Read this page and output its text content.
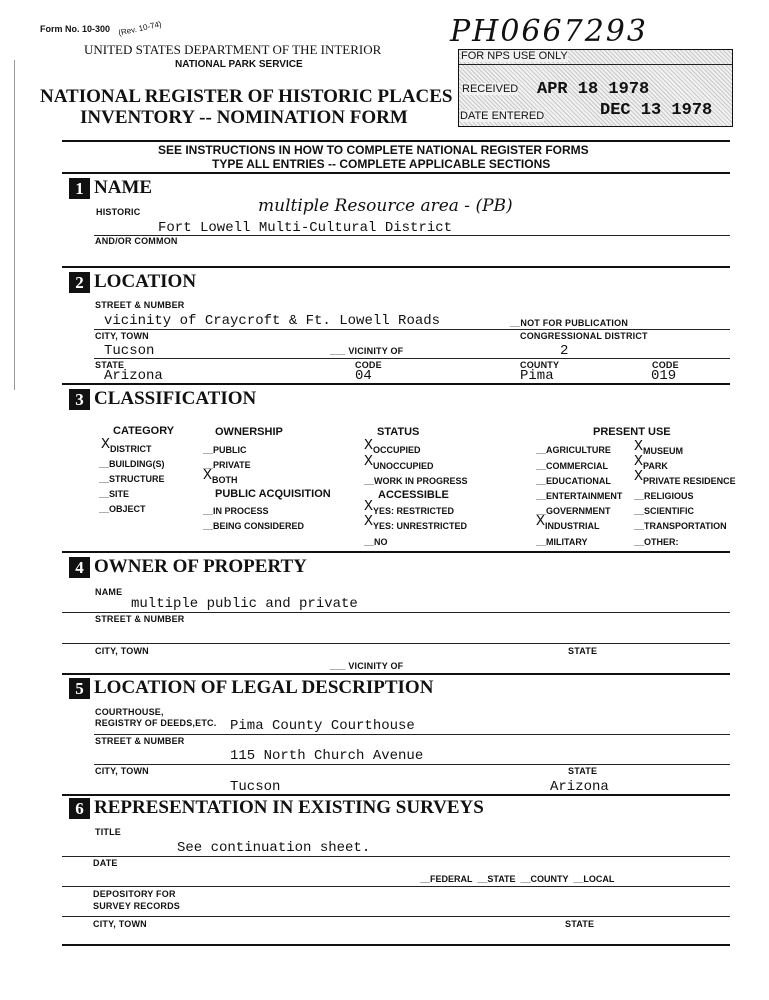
Form No. 10-300 (Rev. 10-74)
UNITED STATES DEPARTMENT OF THE INTERIOR
NATIONAL PARK SERVICE
NATIONAL REGISTER OF HISTORIC PLACES
INVENTORY -- NOMINATION FORM
PH0667293
FOR NPS USE ONLY
RECEIVED APR 18 1978
DATE ENTERED	DEC 13 1978
SEE INSTRUCTIONS IN HOW TO COMPLETE NATIONAL REGISTER FORMS
TYPE ALL ENTRIES -- COMPLETE APPLICABLE SECTIONS
1 NAME
HISTORIC	multiple Resource area - (PB)
Fort Lowell Multi-Cultural District
AND/OR COMMON
2 LOCATION
STREET & NUMBER
vicinity of Craycroft & Ft. Lowell Roads	__NOT FOR PUBLICATION
CITY, TOWN	CONGRESSIONAL DISTRICT
Tucson	___ VICINITY OF	2
STATE	CODE	COUNTY	CODE
Arizona	04	Pima	019
3 CLASSIFICATION
CATEGORY	OWNERSHIP	STATUS	PRESENT USE
X DISTRICT
__BUILDING(S)
__STRUCTURE
__SITE
__OBJECT
__PUBLIC
__PRIVATE
X BOTH
PUBLIC ACQUISITION
__IN PROCESS
__BEING CONSIDERED
X OCCUPIED
X UNOCCUPIED
__WORK IN PROGRESS
ACCESSIBLE
X YES: RESTRICTED
X YES: UNRESTRICTED
__NO
__AGRICULTURE
__COMMERCIAL
__EDUCATIONAL
__ENTERTAINMENT
__GOVERNMENT
X INDUSTRIAL
__MILITARY
X MUSEUM
X PARK
X PRIVATE RESIDENCE
__RELIGIOUS
__SCIENTIFIC
__TRANSPORTATION
__OTHER:
4 OWNER OF PROPERTY
NAME
multiple public and private
STREET & NUMBER
CITY, TOWN	STATE
___ VICINITY OF
5 LOCATION OF LEGAL DESCRIPTION
COURTHOUSE,
REGISTRY OF DEEDS,ETC. Pima County Courthouse
STREET & NUMBER
115 North Church Avenue
CITY, TOWN	STATE
Tucson	Arizona
6 REPRESENTATION IN EXISTING SURVEYS
TITLE
See continuation sheet.
DATE
__FEDERAL  __STATE  __COUNTY  __LOCAL
DEPOSITORY FOR
SURVEY RECORDS
CITY, TOWN	STATE
